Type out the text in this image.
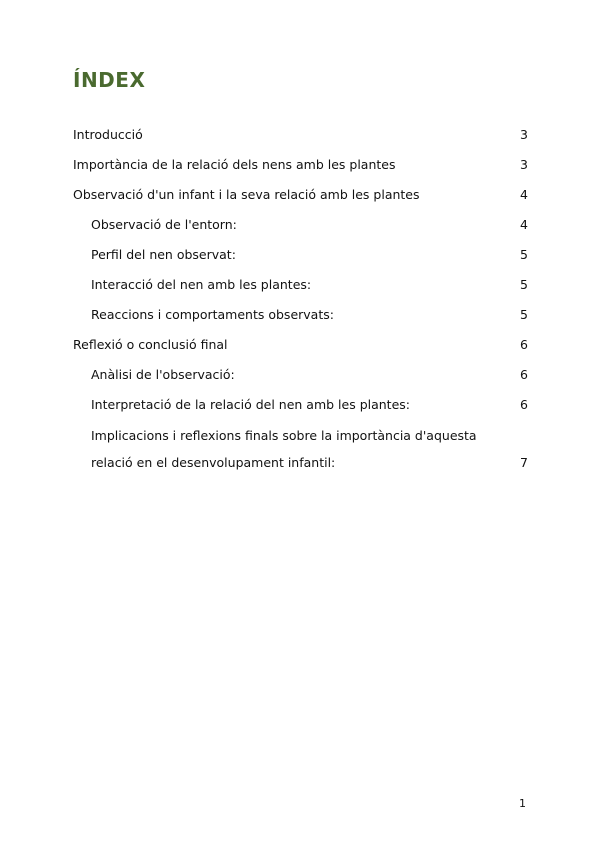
ÍNDEX
Introducció	3
Importància de la relació dels nens amb les plantes	3
Observació d'un infant i la seva relació amb les plantes	4
Observació de l'entorn:	4
Perfil del nen observat:	5
Interacció del nen amb les plantes:	5
Reaccions i comportaments observats:	5
Reflexió o conclusió final	6
Anàlisi de l'observació:	6
Interpretació de la relació del nen amb les plantes:	6
Implicacions i reflexions finals sobre la importància d'aquesta relació en el desenvolupament infantil:	7
1
